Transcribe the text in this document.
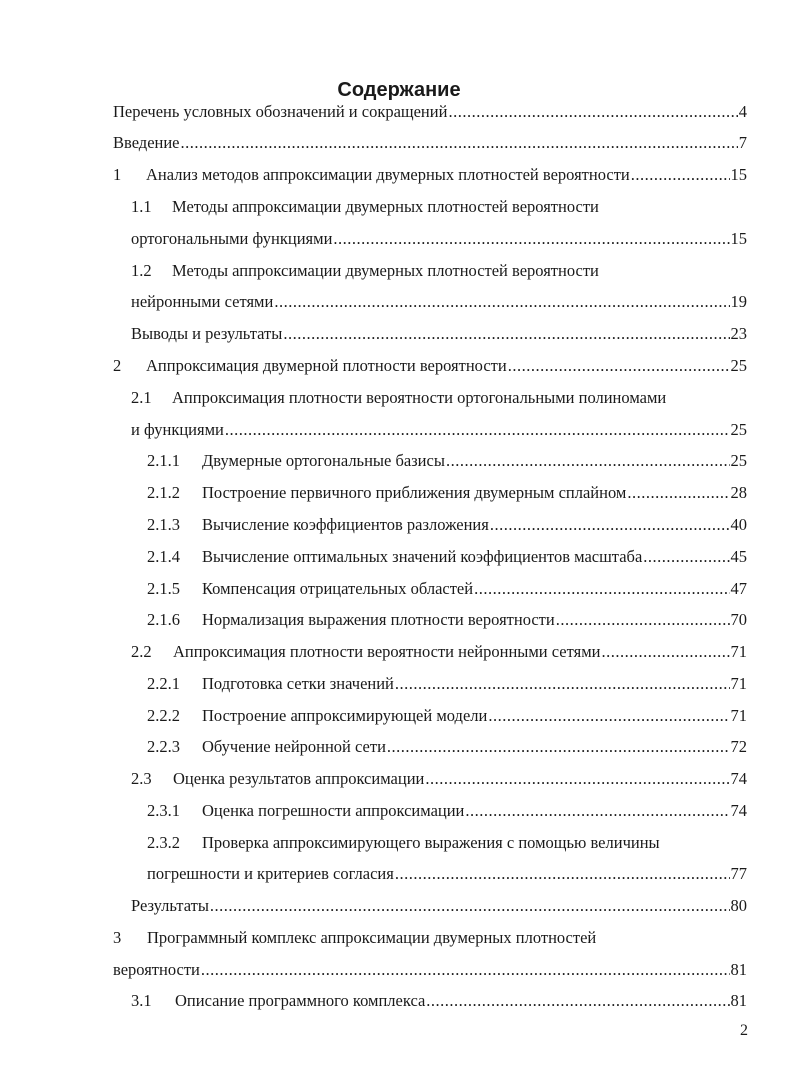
Содержание
Перечень условных обозначений и сокращений .....	4
Введение .....	7
1	Анализ методов аппроксимации двумерных плотностей вероятности .....	15
1.1	Методы аппроксимации двумерных плотностей вероятности
ортогональными функциями .....	15
1.2	Методы аппроксимации двумерных плотностей вероятности
нейронными сетями .....	19
Выводы и результаты .....	23
2	Аппроксимация двумерной плотности вероятности .....	25
2.1	Аппроксимация плотности вероятности ортогональными полиномами
и функциями .....	25
2.1.1	Двумерные ортогональные базисы .....	25
2.1.2	Построение первичного приближения двумерным сплайном .....	28
2.1.3	Вычисление коэффициентов разложения .....	40
2.1.4	Вычисление оптимальных значений коэффициентов масштаба .....	45
2.1.5	Компенсация отрицательных областей .....	47
2.1.6	Нормализация выражения плотности вероятности .....	70
2.2	Аппроксимация плотности вероятности нейронными сетями .....	71
2.2.1	Подготовка сетки значений .....	71
2.2.2	Построение аппроксимирующей модели .....	71
2.2.3	Обучение нейронной сети .....	72
2.3	Оценка результатов аппроксимации .....	74
2.3.1	Оценка погрешности аппроксимации .....	74
2.3.2	Проверка аппроксимирующего выражения с помощью величины
погрешности и критериев согласия .....	77
Результаты .....	80
3	Программный комплекс аппроксимации двумерных плотностей
вероятности .....	81
3.1	Описание программного комплекса .....	81
2
